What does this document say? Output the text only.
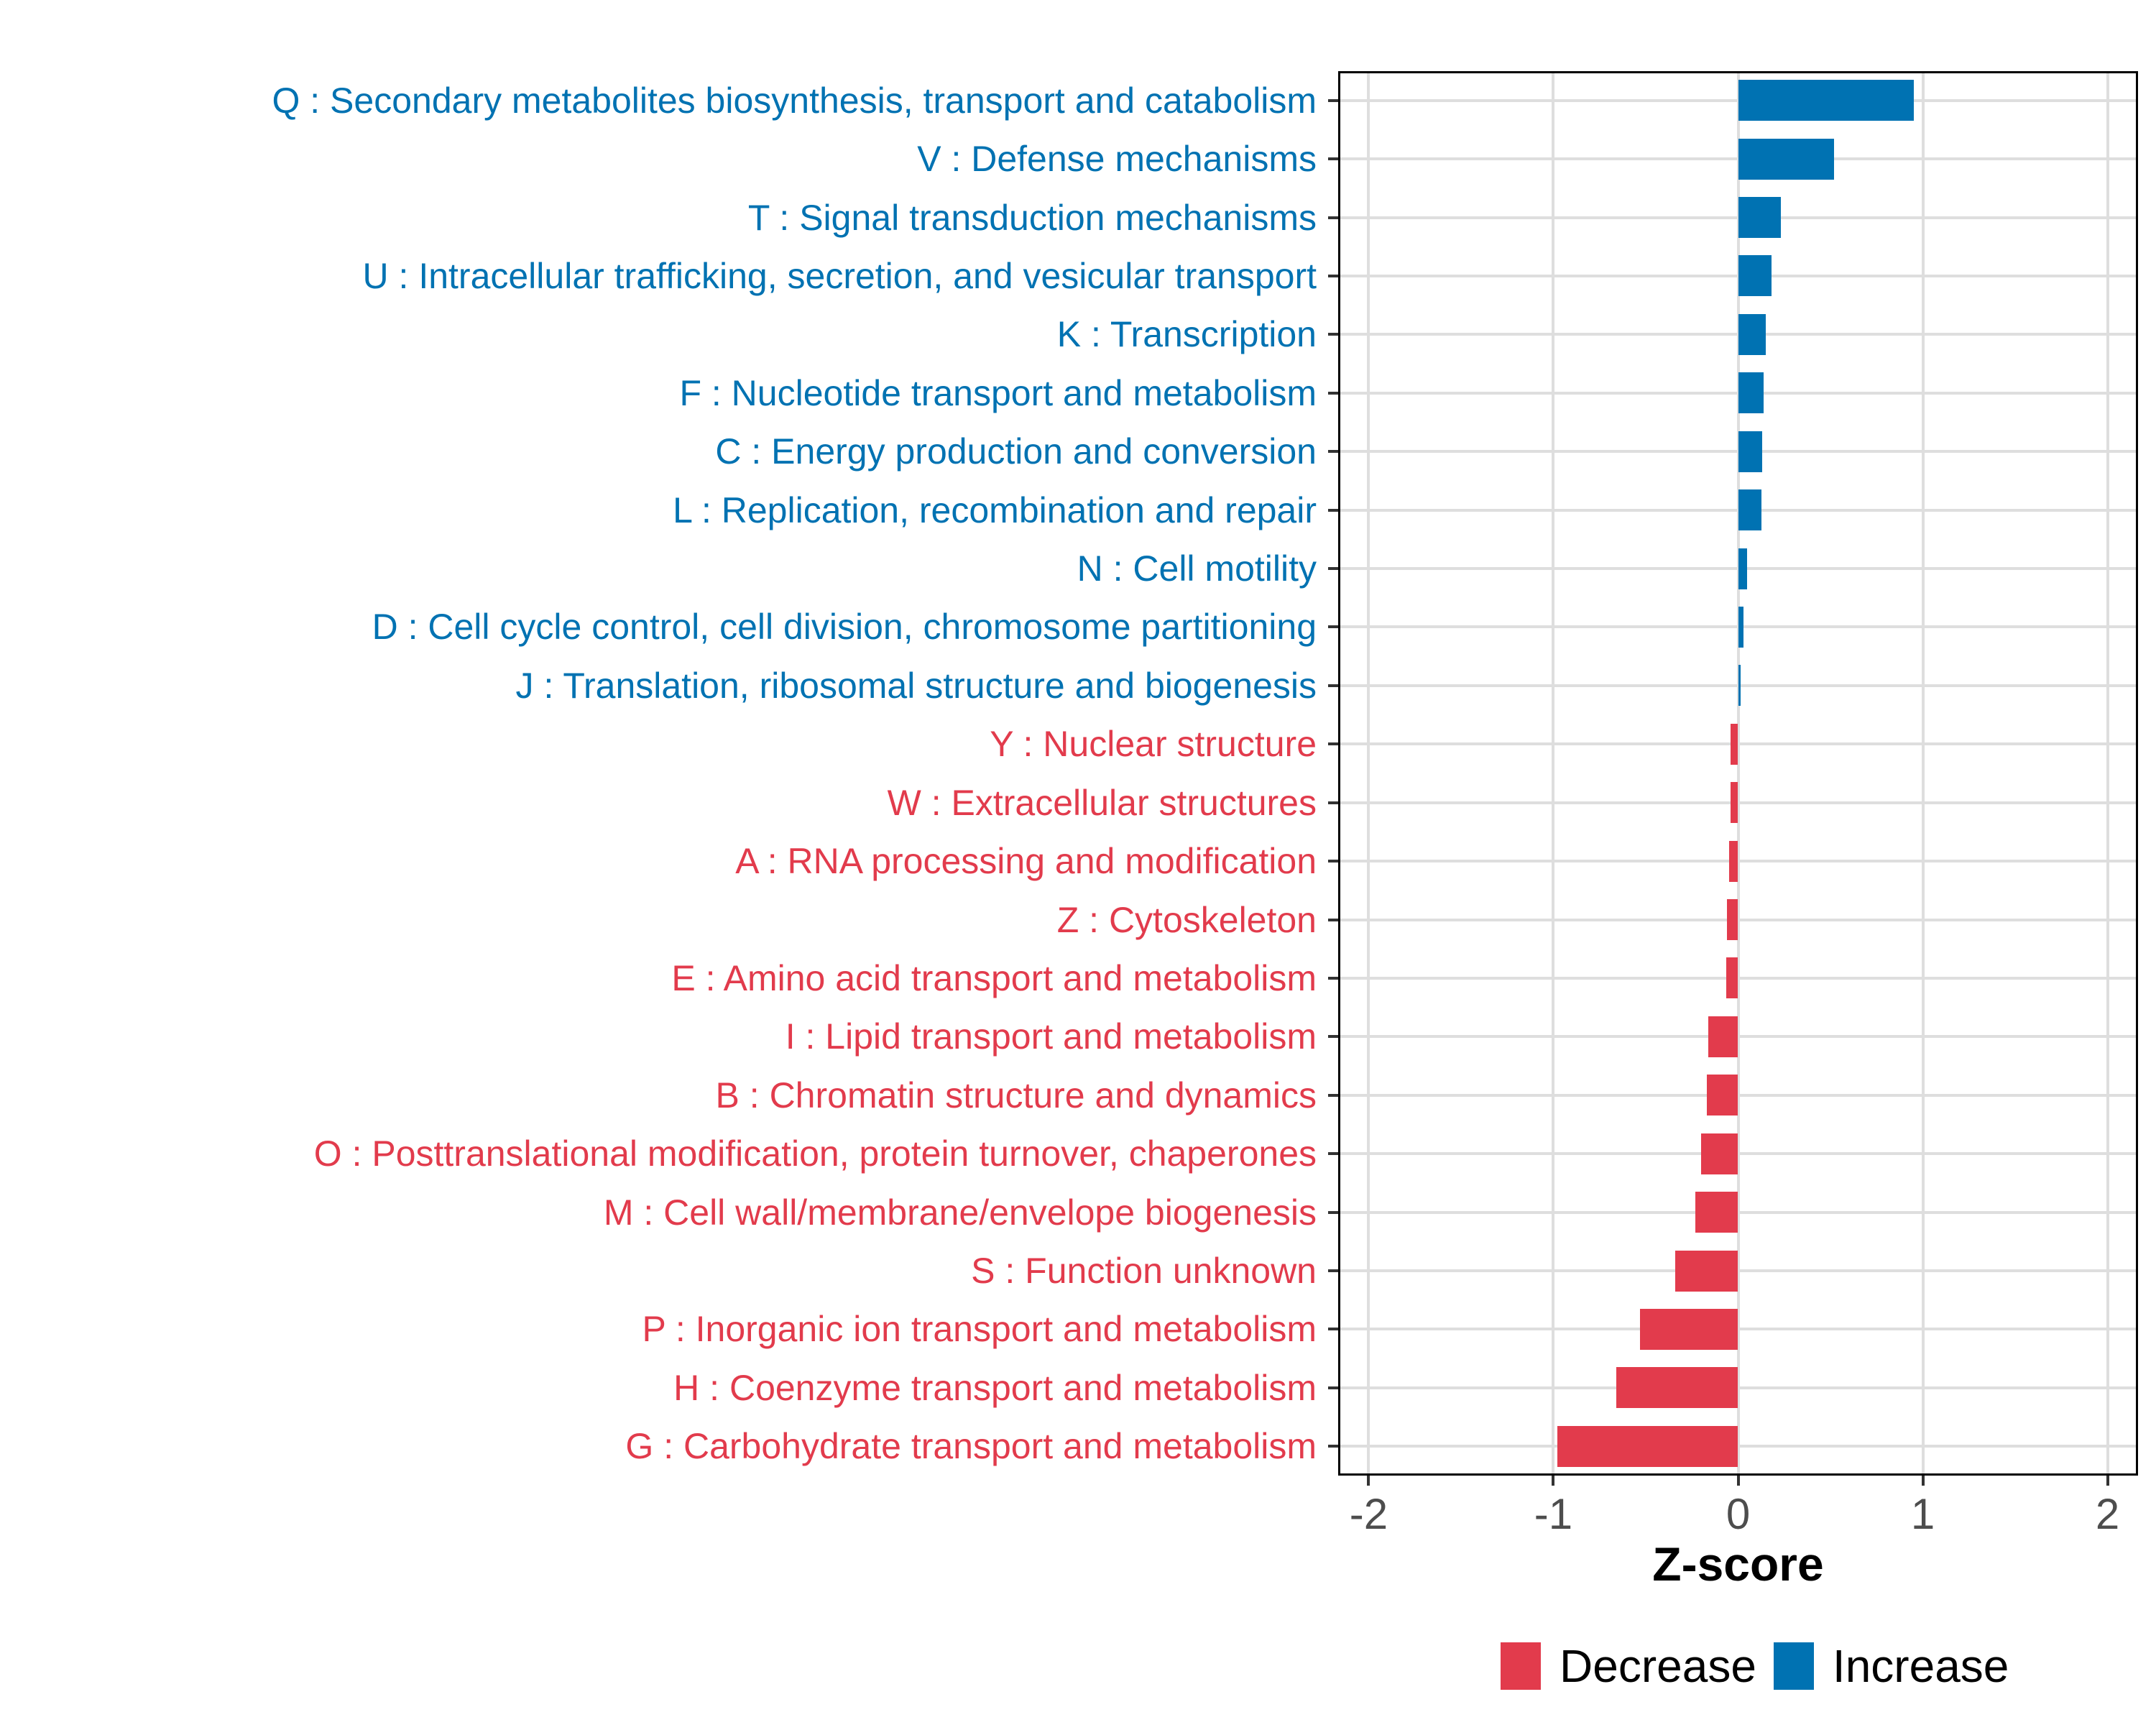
Q : Secondary metabolites biosynthesis, transport and catabolism
V : Defense mechanisms
T : Signal transduction mechanisms
U : Intracellular trafficking, secretion, and vesicular transport
K : Transcription
F : Nucleotide transport and metabolism
C : Energy production and conversion
L : Replication, recombination and repair
N : Cell motility
D : Cell cycle control, cell division, chromosome partitioning
J : Translation, ribosomal structure and biogenesis
Y : Nuclear structure
W : Extracellular structures
A : RNA processing and modification
Z : Cytoskeleton
E : Amino acid transport and metabolism
I : Lipid transport and metabolism
B : Chromatin structure and dynamics
O : Posttranslational modification, protein turnover, chaperones
M : Cell wall/membrane/envelope biogenesis
S : Function unknown
P : Inorganic ion transport and metabolism
H : Coenzyme transport and metabolism
G : Carbohydrate transport and metabolism
-2	-1	0	1	2
Z-score
Decrease Increase
